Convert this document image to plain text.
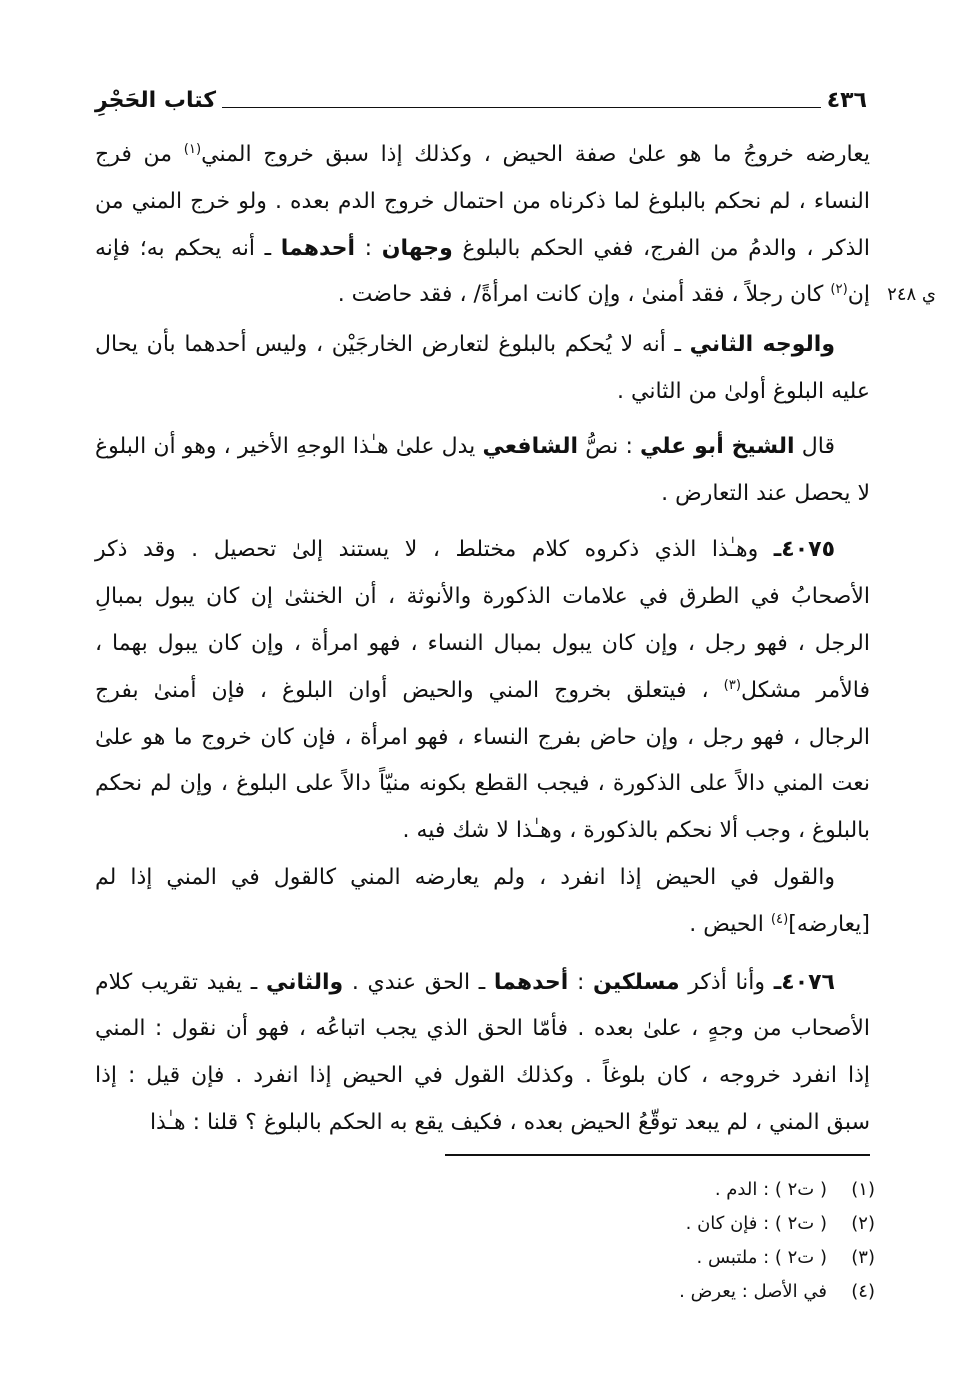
٤٣٦
كتاب الحَجْرِ
ي ٢٤٨
يعارضه خروجُ ما هو علىٰ صفة الحيض ، وكذلك إذا سبق خروج المني$^{(١)}$ من فرج
النساء ، لم نحكم بالبلوغ لما ذكرناه من احتمال خروج الدم بعده . ولو خرج المني من
الذكر ، والدمُ من الفرج، ففي الحكم بالبلوغ وجهان : أحدهما ـ أنه يحكم به؛ فإنه
إن$^{(٢)}$ كان رجلاً ، فقد أمنىٰ ، وإن كانت امرأةً/ ، فقد حاضت .
والوجه الثاني ـ أنه لا يُحكم بالبلوغ لتعارض الخارجَيْن ، وليس أحدهما بأن يحال
عليه البلوغ أولىٰ من الثاني .
قال الشيخ أبو علي : نصُّ الشافعي يدل علىٰ هـٰذا الوجهِ الأخير ، وهو أن البلوغ
لا يحصل عند التعارض .
٤٠٧٥ـ وهـٰذا الذي ذكروه كلام مختلط ، لا يستند إلىٰ تحصيل . وقد ذكر
الأصحابُ في الطرق في علامات الذكورة والأنوثة ، أن الخنثىٰ إن كان يبول بمبالِ
الرجل ، فهو رجل ، وإن كان يبول بمبال النساء ، فهو امرأة ، وإن كان يبول بهما ،
فالأمر مشكل$^{(٣)}$ ، فيتعلق بخروج المني والحيض أوان البلوغ ، فإن أمنىٰ بفرج
الرجال ، فهو رجل ، وإن حاض بفرج النساء ، فهو امرأة ، فإن كان خروج ما هو علىٰ
نعت المني دالاً على الذكورة ، فيجب القطع بكونه منيّاً دالاً على البلوغ ، وإن لم نحكم
بالبلوغ ، وجب ألا نحكم بالذكورة ، وهـٰذا لا شك فيه .
والقول في الحيض إذا انفرد ، ولم يعارضه المني كالقول في المني إذا لم
[يعارضه]$^{(٤)}$ الحيض .
٤٠٧٦ـ وأنا أذكر مسلكين : أحدهما ـ الحق عندي . والثاني ـ يفيد تقريب كلام
الأصحاب من وجهٍ ، علىٰ بعده . فأمّا الحق الذي يجب اتباعُه ، فهو أن نقول : المني
إذا انفرد خروجه ، كان بلوغاً . وكذلك القول في الحيض إذا انفرد . فإن قيل : إذا
سبق المني ، لم يبعد توقّعُ الحيض بعده ، فكيف يقع به الحكم بالبلوغ ؟ قلنا : هـٰذا
(١)
( ت٢ ) : الدم .
(٢)
( ت٢ ) : فإن كان .
(٣)
( ت٢ ) : ملتبس .
(٤)
في الأصل : يعرض .
